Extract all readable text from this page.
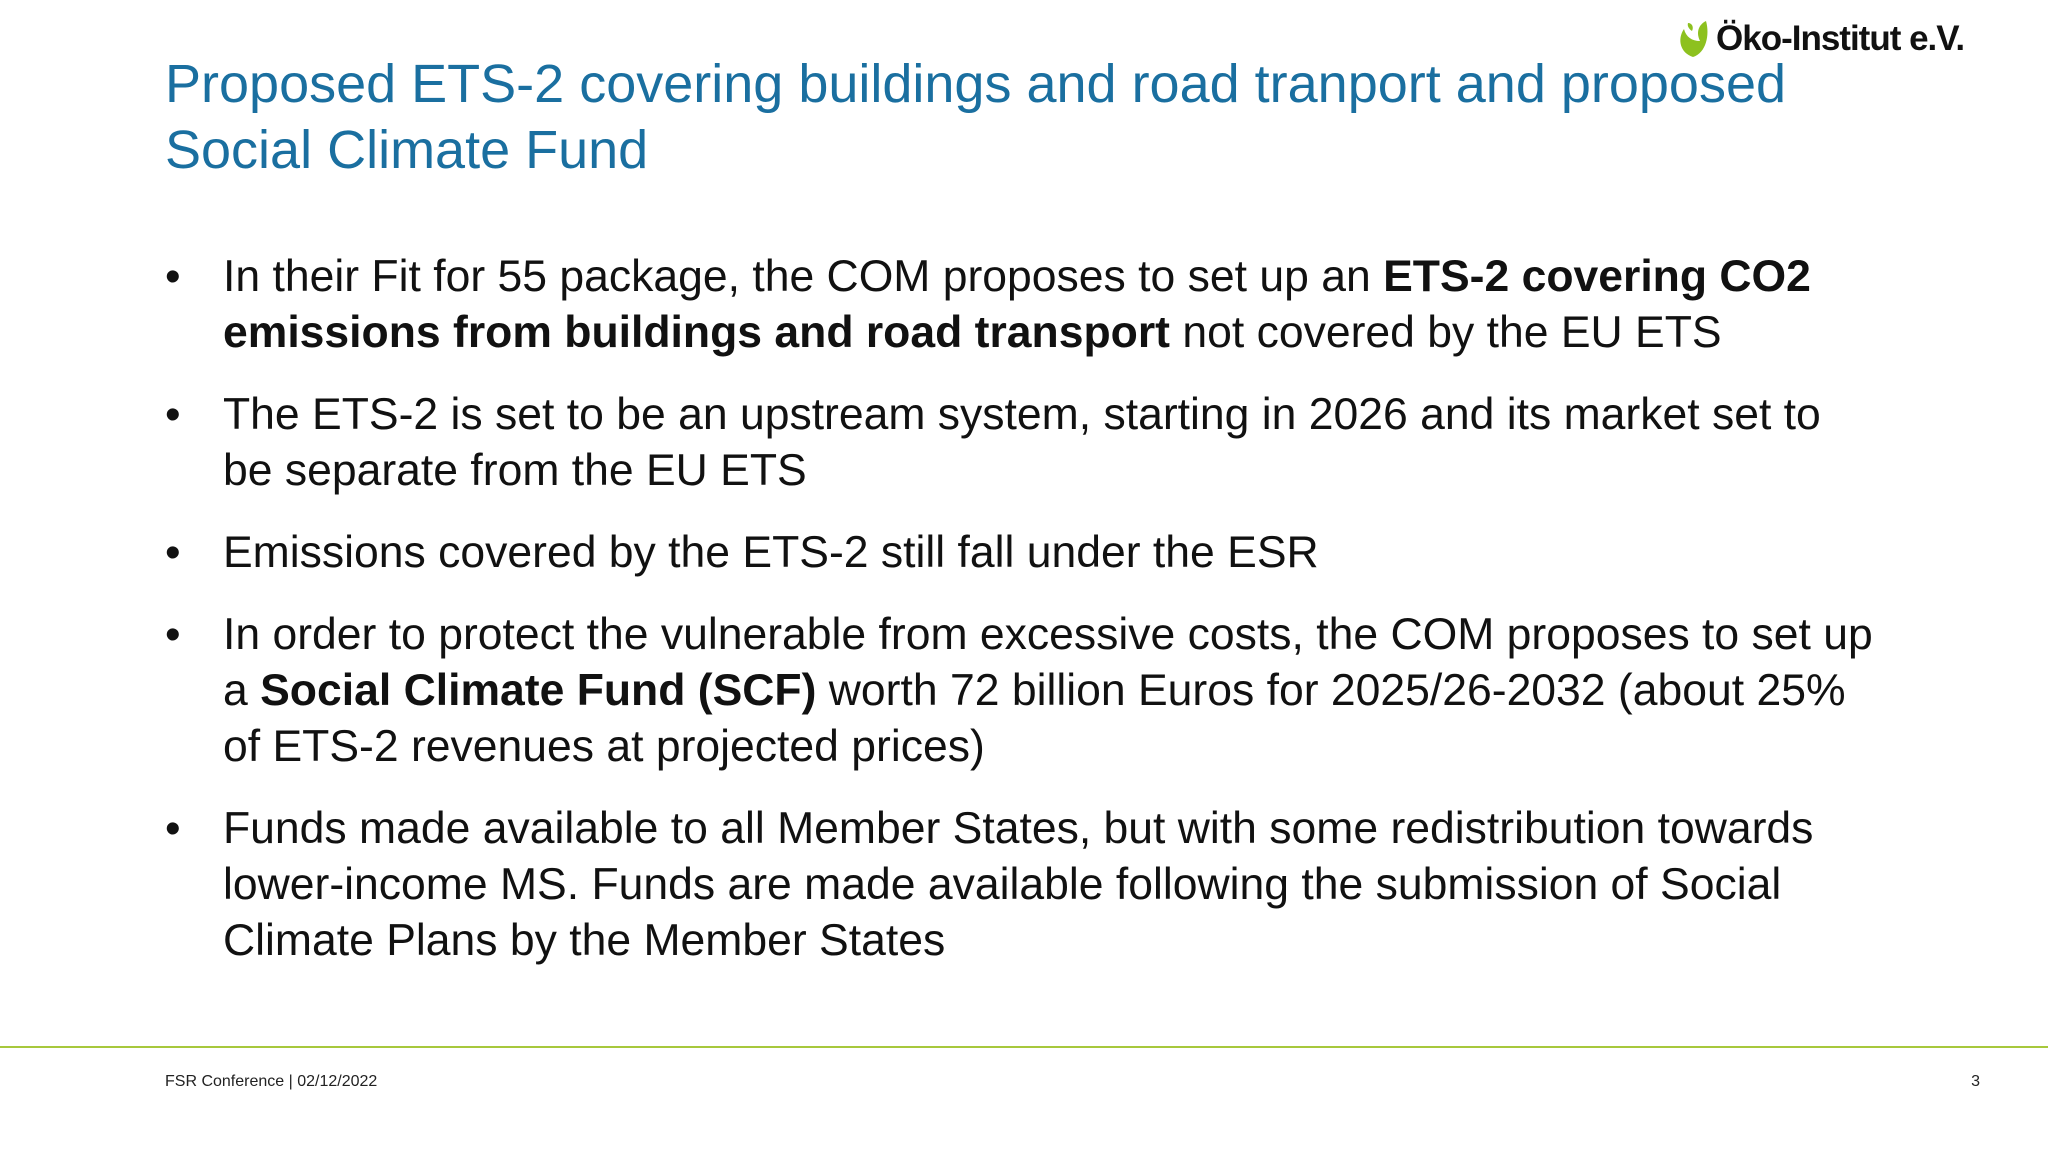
Öko-Institut e.V.
Proposed ETS-2 covering buildings and road tranport and proposed
Social Climate Fund
• In their Fit for 55 package, the COM proposes to set up an ETS-2 covering CO2
emissions from buildings and road transport not covered by the EU ETS
• The ETS-2 is set to be an upstream system, starting in 2026 and its market set to
be separate from the EU ETS
• Emissions covered by the ETS-2 still fall under the ESR
• In order to protect the vulnerable from excessive costs, the COM proposes to set up
a Social Climate Fund (SCF) worth 72 billion Euros for 2025/26-2032 (about 25%
of ETS-2 revenues at projected prices)
• Funds made available to all Member States, but with some redistribution towards
lower-income MS. Funds are made available following the submission of Social
Climate Plans by the Member States
FSR Conference | 02/12/2022	3
